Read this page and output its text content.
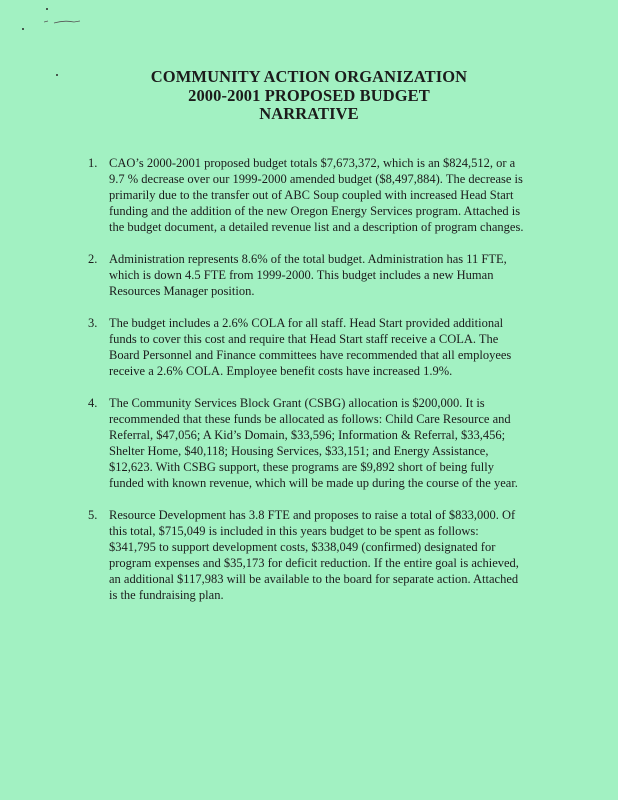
COMMUNITY ACTION ORGANIZATION
2000-2001 PROPOSED BUDGET
NARRATIVE
1. CAO’s 2000-2001 proposed budget totals $7,673,372, which is an $824,512, or a 9.7 % decrease over our 1999-2000 amended budget ($8,497,884). The decrease is primarily due to the transfer out of ABC Soup coupled with increased Head Start funding and the addition of the new Oregon Energy Services program. Attached is the budget document, a detailed revenue list and a description of program changes.
2. Administration represents 8.6% of the total budget. Administration has 11 FTE, which is down 4.5 FTE from 1999-2000. This budget includes a new Human Resources Manager position.
3. The budget includes a 2.6% COLA for all staff. Head Start provided additional funds to cover this cost and require that Head Start staff receive a COLA. The Board Personnel and Finance committees have recommended that all employees receive a 2.6% COLA. Employee benefit costs have increased 1.9%.
4. The Community Services Block Grant (CSBG) allocation is $200,000. It is recommended that these funds be allocated as follows: Child Care Resource and Referral, $47,056; A Kid’s Domain, $33,596; Information & Referral, $33,456; Shelter Home, $40,118; Housing Services, $33,151; and Energy Assistance, $12,623. With CSBG support, these programs are $9,892 short of being fully funded with known revenue, which will be made up during the course of the year.
5. Resource Development has 3.8 FTE and proposes to raise a total of $833,000. Of this total, $715,049 is included in this years budget to be spent as follows: $341,795 to support development costs, $338,049 (confirmed) designated for program expenses and $35,173 for deficit reduction. If the entire goal is achieved, an additional $117,983 will be available to the board for separate action. Attached is the fundraising plan.
